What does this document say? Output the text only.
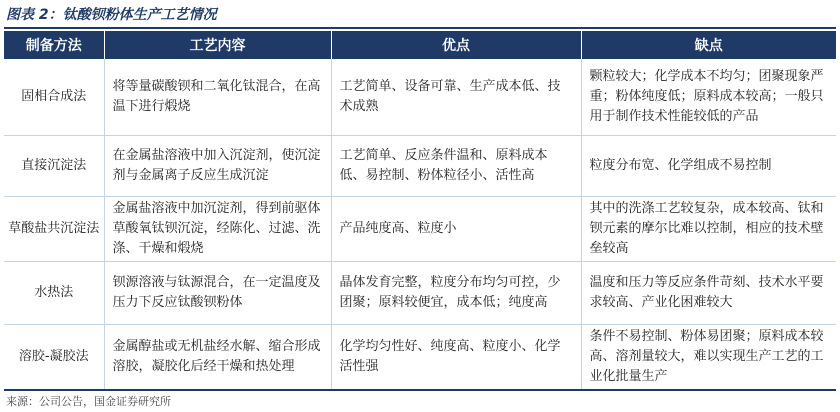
图表 2：钛酸钡粉体生产工艺情况
制备方法	工艺内容	优点	缺点
固相合成法	将等量碳酸钡和二氧化钛混合，在高温下进行煅烧	工艺简单、设备可靠、生产成本低、技术成熟	颗粒较大；化学成本不均匀；团聚现象严重；粉体纯度低；原料成本较高；一般只用于制作技术性能较低的产品
直接沉淀法	在金属盐溶液中加入沉淀剂，使沉淀剂与金属离子反应生成沉淀	工艺简单、反应条件温和、原料成本低、易控制、粉体粒径小、活性高	粒度分布宽、化学组成不易控制
草酸盐共沉淀法	金属盐溶液中加沉淀剂，得到前驱体草酸氧钛钡沉淀，经陈化、过滤、洗涤、干燥和煅烧	产品纯度高、粒度小	其中的洗涤工艺较复杂，成本较高、钛和钡元素的摩尔比难以控制，相应的技术壁垒较高
水热法	钡源溶液与钛源混合，在一定温度及压力下反应钛酸钡粉体	晶体发育完整，粒度分布均匀可控，少团聚；原料较便宜，成本低；纯度高	温度和压力等反应条件苛刻、技术水平要求较高、产业化困难较大
溶胶-凝胶法	金属醇盐或无机盐经水解、缩合形成溶胶，凝胶化后经干燥和热处理	化学均匀性好、纯度高、粒度小、化学活性强	条件不易控制、粉体易团聚；原料成本较高、溶剂量较大，难以实现生产工艺的工业化批量生产
来源：公司公告，国金证券研究所
